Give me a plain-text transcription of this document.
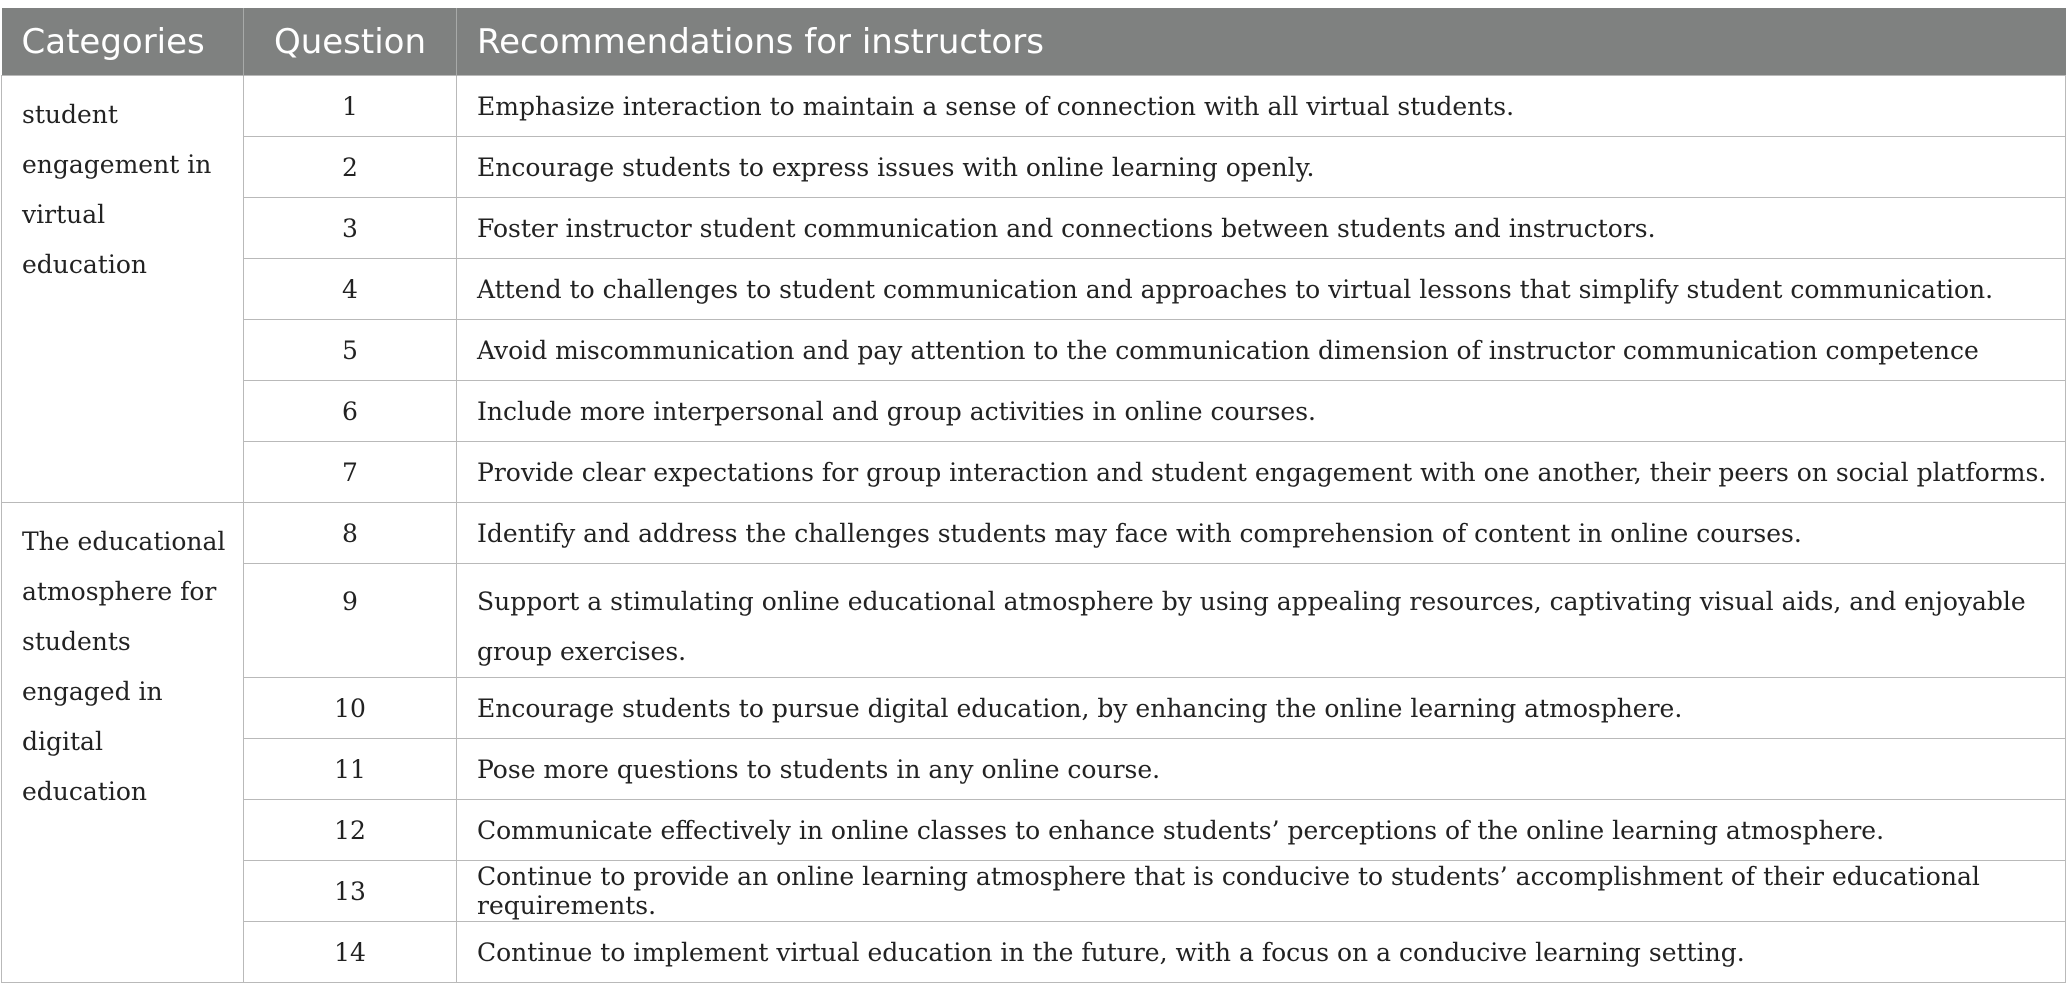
Categories	Question	Recommendations for instructors
student engagement in virtual education	1	Emphasize interaction to maintain a sense of connection with all virtual students.
	2	Encourage students to express issues with online learning openly.
	3	Foster instructor student communication and connections between students and instructors.
	4	Attend to challenges to student communication and approaches to virtual lessons that simplify student communication.
	5	Avoid miscommunication and pay attention to the communication dimension of instructor communication competence
	6	Include more interpersonal and group activities in online courses.
	7	Provide clear expectations for group interaction and student engagement with one another, their peers on social platforms.
The educational atmosphere for students engaged in digital education	8	Identify and address the challenges students may face with comprehension of content in online courses.
	9	Support a stimulating online educational atmosphere by using appealing resources, captivating visual aids, and enjoyable group exercises.
	10	Encourage students to pursue digital education, by enhancing the online learning atmosphere.
	11	Pose more questions to students in any online course.
	12	Communicate effectively in online classes to enhance students’ perceptions of the online learning atmosphere.
	13	Continue to provide an online learning atmosphere that is conducive to students’ accomplishment of their educational requirements.
	14	Continue to implement virtual education in the future, with a focus on a conducive learning setting.
